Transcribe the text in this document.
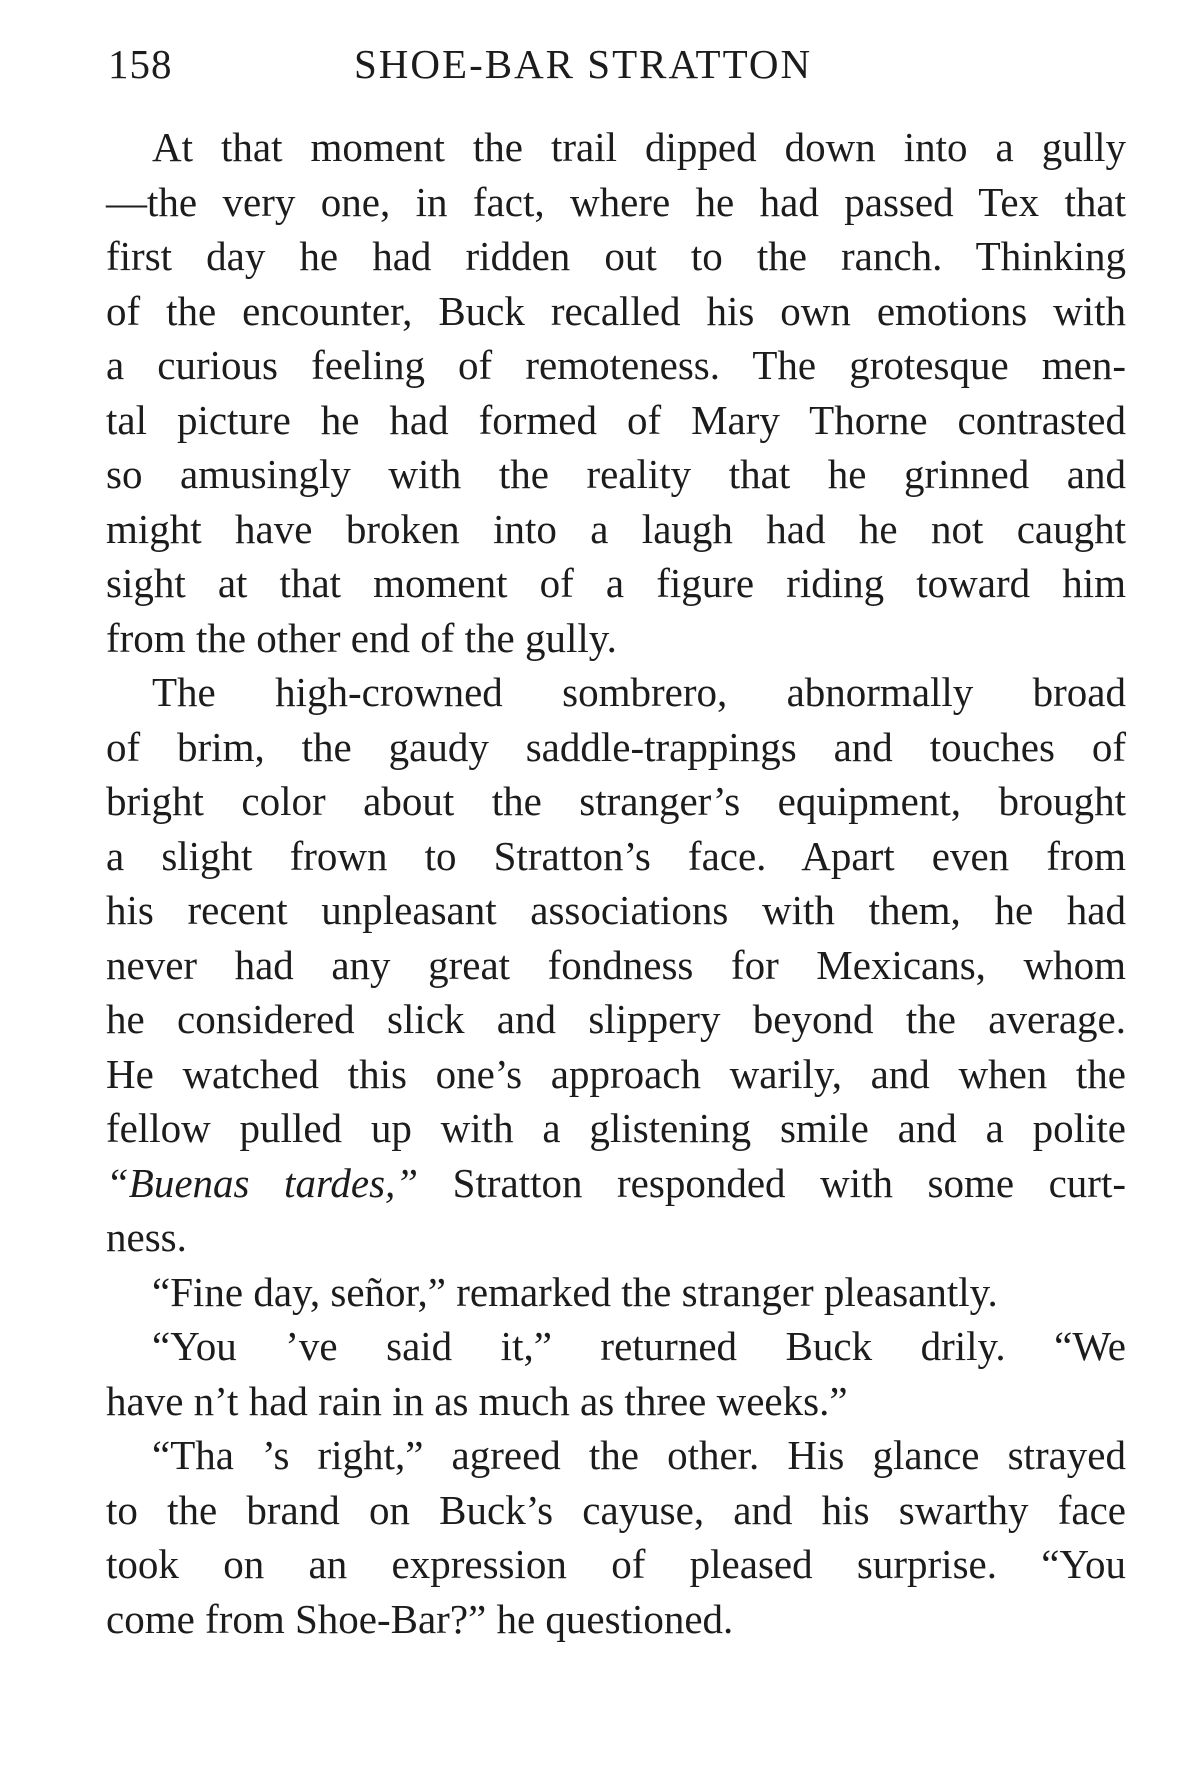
158	SHOE-BAR STRATTON

At that moment the trail dipped down into a gully
—the very one, in fact, where he had passed Tex that
first day he had ridden out to the ranch. Thinking
of the encounter, Buck recalled his own emotions with
a curious feeling of remoteness. The grotesque men-
tal picture he had formed of Mary Thorne contrasted
so amusingly with the reality that he grinned and
might have broken into a laugh had he not caught
sight at that moment of a figure riding toward him
from the other end of the gully.

The high-crowned sombrero, abnormally broad
of brim, the gaudy saddle-trappings and touches of
bright color about the stranger’s equipment, brought
a slight frown to Stratton’s face. Apart even from
his recent unpleasant associations with them, he had
never had any great fondness for Mexicans, whom
he considered slick and slippery beyond the average.
He watched this one’s approach warily, and when the
fellow pulled up with a glistening smile and a polite
“Buenas tardes,” Stratton responded with some curt-
ness.

“Fine day, señor,” remarked the stranger pleasantly.

“You ’ve said it,” returned Buck drily. “We
have n’t had rain in as much as three weeks.”

“Tha ’s right,” agreed the other. His glance strayed
to the brand on Buck’s cayuse, and his swarthy face
took on an expression of pleased surprise. “You
come from Shoe-Bar?” he questioned.
